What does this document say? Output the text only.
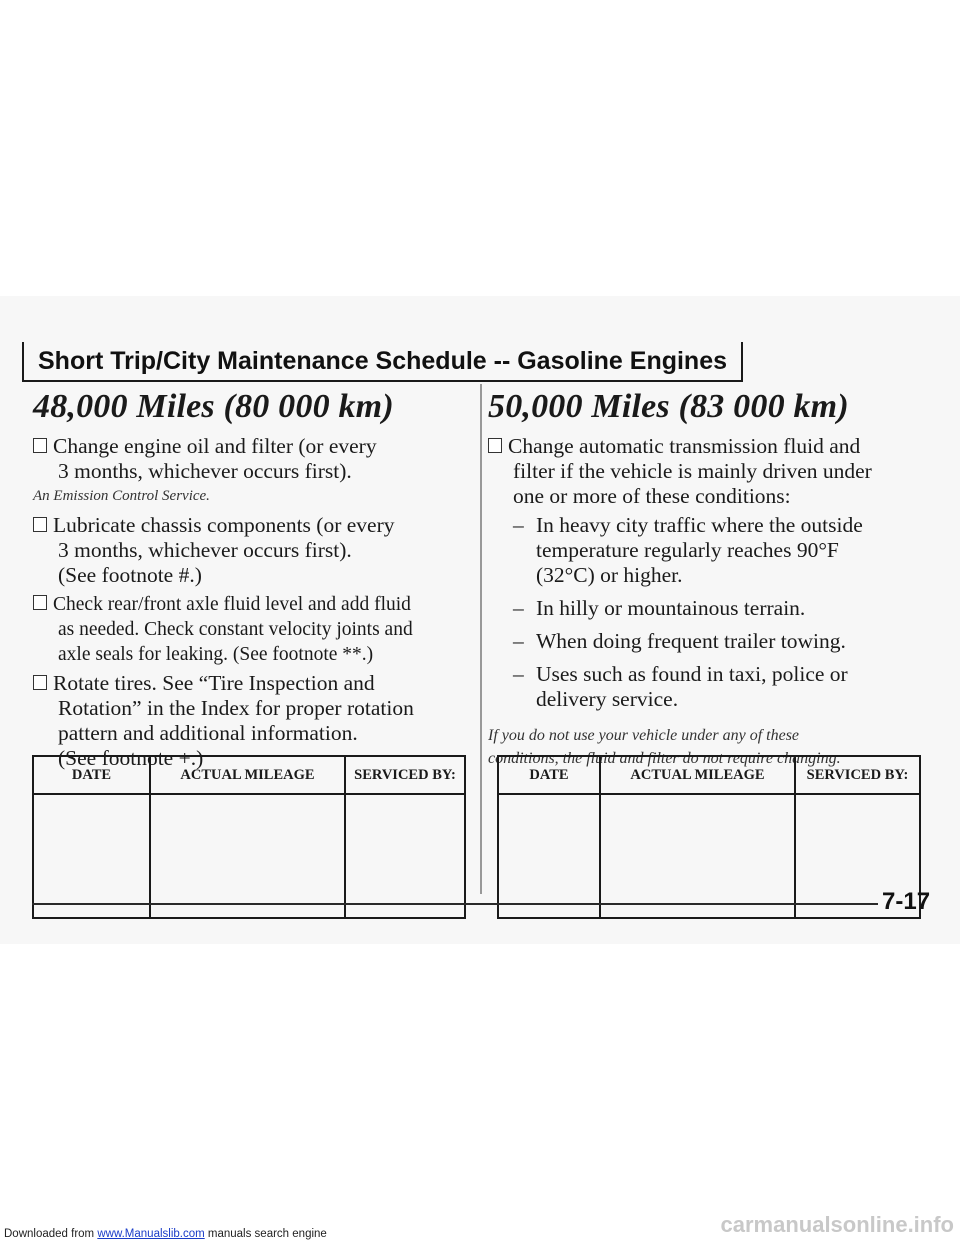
Short Trip/City Maintenance Schedule -- Gasoline Engines
48,000 Miles (80 000 km)
Change engine oil and filter (or every
3 months, whichever occurs first).
An Emission Control Service.
Lubricate chassis components (or every
3 months, whichever occurs first).
(See footnote #.)
Check rear/front axle fluid level and add fluid
as needed. Check constant velocity joints and
axle seals for leaking. (See footnote **.)
Rotate tires. See “Tire Inspection and
Rotation” in the Index for proper rotation
pattern and additional information.
(See footnote +.)
50,000 Miles (83 000 km)
Change automatic transmission fluid and
filter if the vehicle is mainly driven under
one or more of these conditions:
– In heavy city traffic where the outside
temperature regularly reaches 90°F
(32°C) or higher.
– In hilly or mountainous terrain.
– When doing frequent trailer towing.
– Uses such as found in taxi, police or
delivery service.
If you do not use your vehicle under any of these
conditions, the fluid and filter do not require changing.
DATE	ACTUAL MILEAGE	SERVICED BY:
			DATE	ACTUAL MILEAGE	SERVICED BY:

7-17
Downloaded from www.Manualslib.com manuals search engine	carmanualsonline.info
